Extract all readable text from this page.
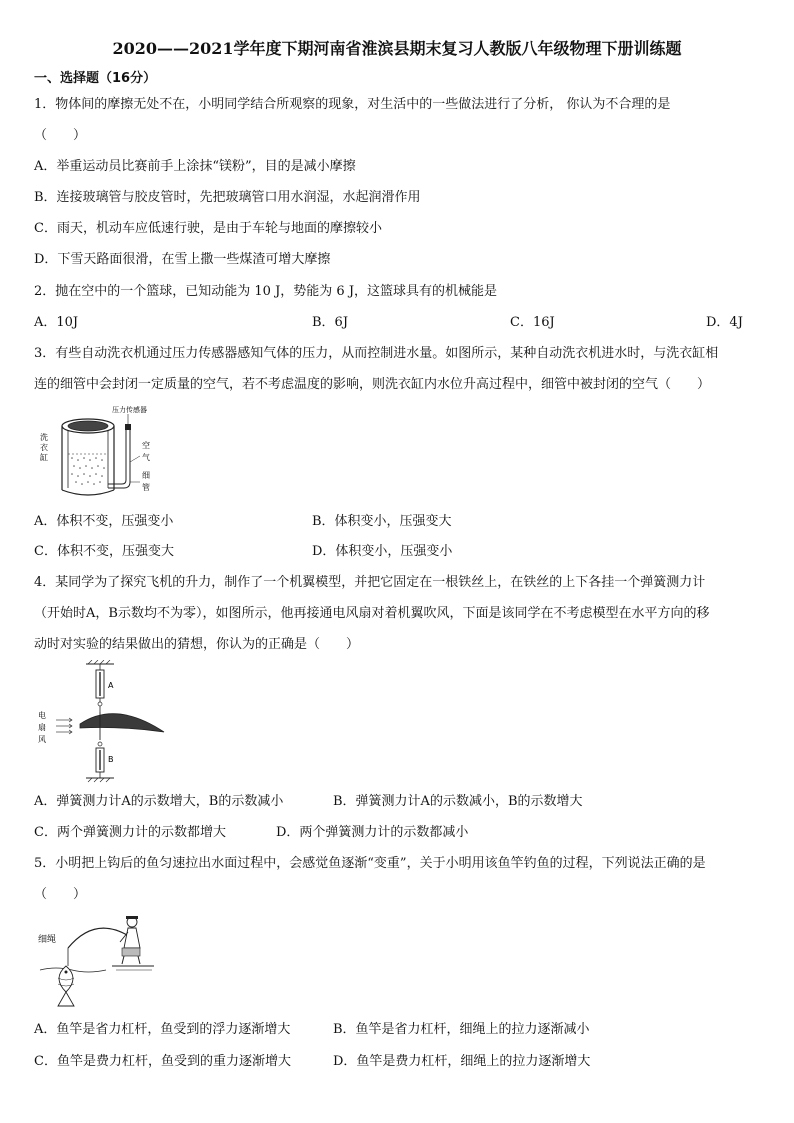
2020——2021学年度下期河南省淮滨县期末复习人教版八年级物理下册训练题
一、选择题（16分）
1．物体间的摩擦无处不在，小明同学结合所观察的现象，对生活中的一些做法进行了分析， 你认为不合理的是
（　　）
A．举重运动员比赛前手上涂抹“镁粉”，目的是减小摩擦
B．连接玻璃管与胶皮管时，先把玻璃管口用水润湿，水起润滑作用
C．雨天，机动车应低速行驶，是由于车轮与地面的摩擦较小
D．下雪天路面很滑，在雪上撒一些煤渣可增大摩擦
2．抛在空中的一个篮球，已知动能为 10 J，势能为 6 J，这篮球具有的机械能是
A．10J	B．6J	C．16J	D．4J
3．有些自动洗衣机通过压力传感器感知气体的压力，从而控制进水量。如图所示，某种自动洗衣机进水时，与洗衣缸相
连的细管中会封闭一定质量的空气，若不考虑温度的影响，则洗衣缸内水位升高过程中，细管中被封闭的空气（　　）
压力传感器
洗
衣
缸
空
气
细
管
A．体积不变，压强变小	B．体积变小，压强变大
C．体积不变，压强变大	D．体积变小，压强变小
4．某同学为了探究飞机的升力，制作了一个机翼模型，并把它固定在一根铁丝上，在铁丝的上下各挂一个弹簧测力计
（开始时A，B示数均不为零），如图所示，他再接通电风扇对着机翼吹风，下面是该同学在不考虑模型在水平方向的移
动时对实验的结果做出的猜想，你认为的正确是（　　）
A
电
扇
风
B
A．弹簧测力计A的示数增大，B的示数减小	B．弹簧测力计A的示数减小，B的示数增大
C．两个弹簧测力计的示数都增大	D．两个弹簧测力计的示数都减小
5．小明把上钩后的鱼匀速拉出水面过程中，会感觉鱼逐渐“变重”，关于小明用该鱼竿钓鱼的过程，下列说法正确的是
（　　）
细绳
A．鱼竿是省力杠杆，鱼受到的浮力逐渐增大	B．鱼竿是省力杠杆，细绳上的拉力逐渐减小
C．鱼竿是费力杠杆，鱼受到的重力逐渐增大	D．鱼竿是费力杠杆，细绳上的拉力逐渐增大
